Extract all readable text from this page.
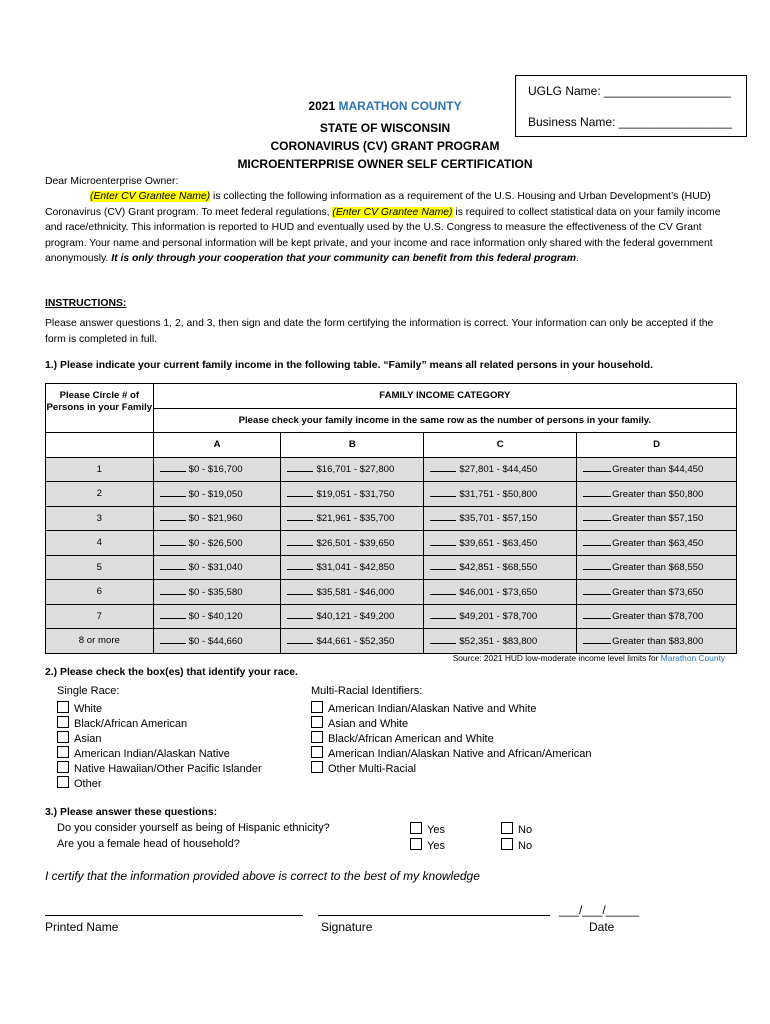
UGLG Name: ___________________
Business Name: _________________
2021 MARATHON COUNTY
STATE OF WISCONSIN
CORONAVIRUS (CV) GRANT PROGRAM
MICROENTERPRISE OWNER SELF CERTIFICATION
Dear Microenterprise Owner:
(Enter CV Grantee Name) is collecting the following information as a requirement of the U.S. Housing and Urban Development’s (HUD) Coronavirus (CV) Grant program. To meet federal regulations, (Enter CV Grantee Name) is required to collect statistical data on your family income and race/ethnicity. This information is reported to HUD and eventually used by the U.S. Congress to measure the effectiveness of the CV Grant program. Your name and personal information will be kept private, and your income and race information only shared with the federal government anonymously. It is only through your cooperation that your community can benefit from this federal program.
INSTRUCTIONS:
Please answer questions 1, 2, and 3, then sign and date the form certifying the information is correct. Your information can only be accepted if the form is completed in full.
1.) Please indicate your current family income in the following table. “Family” means all related persons in your household.
Please Circle # of Persons in your Family	FAMILY INCOME CATEGORY			
	Please check your family income in the same row as the number of persons in your family.			
	A	B	C	D
1	$0 - $16,700	$16,701 - $27,800	$27,801 - $44,450	Greater than $44,450
2	$0 - $19,050	$19,051 - $31,750	$31,751 - $50,800	Greater than $50,800
3	$0 - $21,960	$21,961 - $35,700	$35,701 - $57,150	Greater than $57,150
4	$0 - $26,500	$26,501 - $39,650	$39,651 - $63,450	Greater than $63,450
5	$0 - $31,040	$31,041 - $42,850	$42,851 - $68,550	Greater than $68,550
6	$0 - $35,580	$35,581 - $46,000	$46,001 - $73,650	Greater than $73,650
7	$0 - $40,120	$40,121 - $49,200	$49,201 - $78,700	Greater than $78,700
8 or more	$0 - $44,660	$44,661 - $52,350	$52,351 - $83,800	Greater than $83,800
Source: 2021 HUD low-moderate income level limits for Marathon County
2.) Please check the box(es) that identify your race.
Single Race:
White
Black/African American
Asian
American Indian/Alaskan Native
Native Hawaiian/Other Pacific Islander
Other
Multi-Racial Identifiers:
American Indian/Alaskan Native and White
Asian and White
Black/African American and White
American Indian/Alaskan Native and African/American
Other Multi-Racial
3.) Please answer these questions:
Do you consider yourself as being of Hispanic ethnicity?	Yes	No
Are you a female head of household?	Yes	No
I certify that the information provided above is correct to the best of my knowledge
___/___/_____
Printed Name	Signature	Date
